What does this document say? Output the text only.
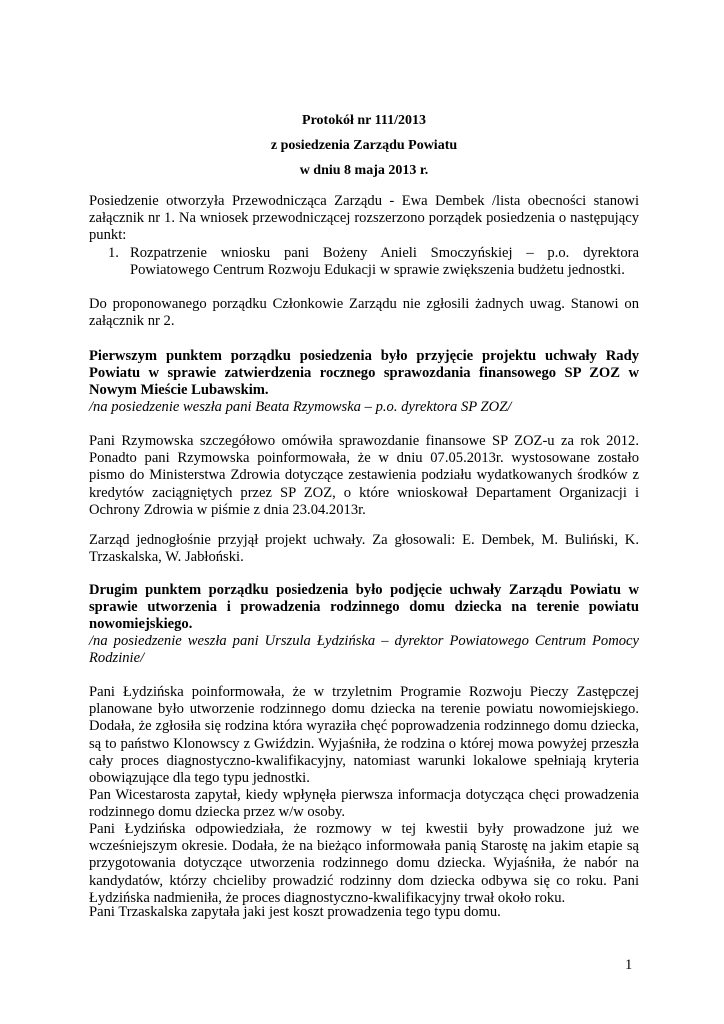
Protokół nr 111/2013

z posiedzenia Zarządu Powiatu

w dniu 8 maja 2013 r.

Posiedzenie otworzyła Przewodnicząca Zarządu - Ewa Dembek /lista obecności stanowi załącznik nr 1. Na wniosek przewodniczącej rozszerzono porządek posiedzenia o następujący punkt:

1. Rozpatrzenie wniosku pani Bożeny Anieli Smoczyńskiej – p.o. dyrektora Powiatowego Centrum Rozwoju Edukacji w sprawie zwiększenia budżetu jednostki.

Do proponowanego porządku Członkowie Zarządu nie zgłosili żadnych uwag. Stanowi on załącznik nr 2.

Pierwszym punktem porządku posiedzenia było przyjęcie projektu uchwały Rady Powiatu w sprawie zatwierdzenia rocznego sprawozdania finansowego SP ZOZ w Nowym Mieście Lubawskim.

/na posiedzenie weszła pani Beata Rzymowska – p.o. dyrektora SP ZOZ/

Pani Rzymowska szczegółowo omówiła sprawozdanie finansowe SP ZOZ-u za rok 2012. Ponadto pani Rzymowska poinformowała, że w dniu 07.05.2013r. wystosowane zostało pismo do Ministerstwa Zdrowia dotyczące zestawienia podziału wydatkowanych środków z kredytów zaciągniętych przez SP ZOZ, o które wnioskował Departament Organizacji i Ochrony Zdrowia w piśmie z dnia 23.04.2013r.

Zarząd jednogłośnie przyjął projekt uchwały. Za głosowali: E. Dembek, M. Buliński, K. Trzaskalska, W. Jabłoński.

Drugim punktem porządku posiedzenia było podjęcie uchwały Zarządu Powiatu w sprawie utworzenia i prowadzenia rodzinnego domu dziecka na terenie powiatu nowomiejskiego.

/na posiedzenie weszła pani Urszula Łydzińska – dyrektor Powiatowego Centrum Pomocy Rodzinie/

Pani Łydzińska poinformowała, że w trzyletnim Programie Rozwoju Pieczy Zastępczej planowane było utworzenie rodzinnego domu dziecka na terenie powiatu nowomiejskiego. Dodała, że zgłosiła się rodzina która wyraziła chęć poprowadzenia rodzinnego domu dziecka, są to państwo Klonowscy z Gwiździn. Wyjaśniła, że rodzina o której mowa powyżej przeszła cały proces diagnostyczno-kwalifikacyjny, natomiast warunki lokalowe spełniają kryteria obowiązujące dla tego typu jednostki.

Pan Wicestarosta zapytał, kiedy wpłynęła pierwsza informacja dotycząca chęci prowadzenia rodzinnego domu dziecka przez w/w osoby.

Pani Łydzińska odpowiedziała, że rozmowy w tej kwestii były prowadzone już we wcześniejszym okresie. Dodała, że na bieżąco informowała panią Starostę na jakim etapie są przygotowania dotyczące utworzenia rodzinnego domu dziecka. Wyjaśniła, że nabór na kandydatów, którzy chcieliby prowadzić rodzinny dom dziecka odbywa się co roku. Pani Łydzińska nadmieniła, że proces diagnostyczno-kwalifikacyjny trwał około roku.

Pani Trzaskalska zapytała jaki jest koszt prowadzenia tego typu domu.

1
